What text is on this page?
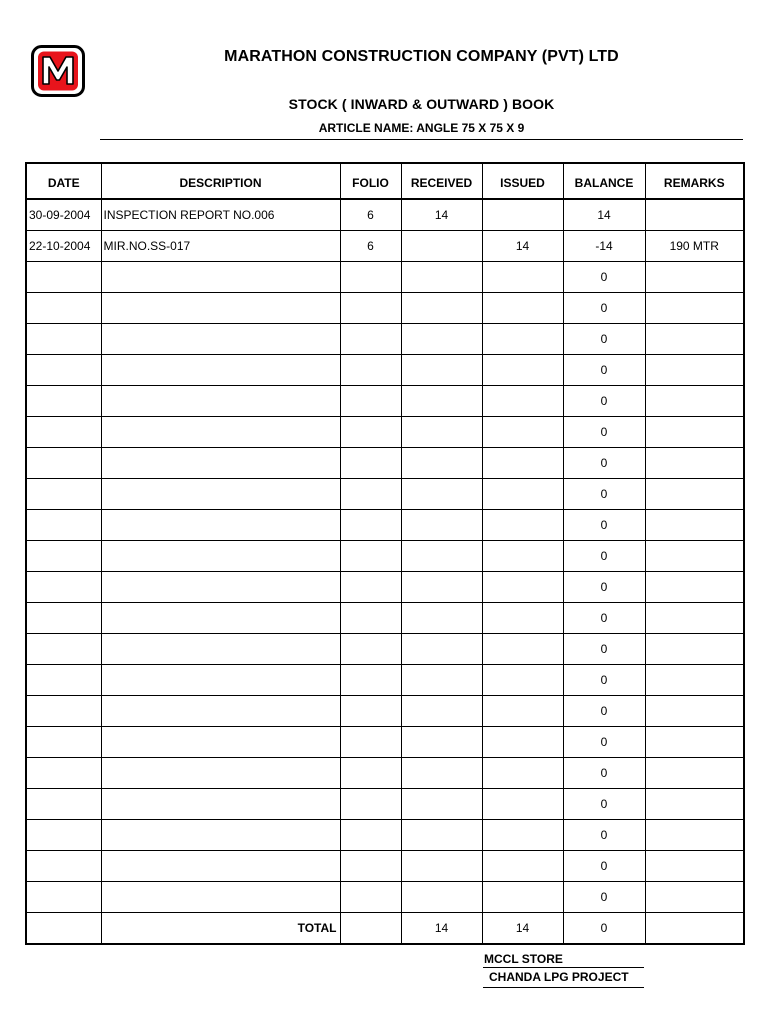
MARATHON CONSTRUCTION COMPANY (PVT) LTD
STOCK ( INWARD & OUTWARD ) BOOK
ARTICLE NAME: ANGLE 75 X 75 X 9
DATE	DESCRIPTION	FOLIO	RECEIVED	ISSUED	BALANCE	REMARKS
30-09-2004	INSPECTION REPORT NO.006	6	14		14	
22-10-2004	MIR.NO.SS-017	6		14	-14	190 MTR
					0	
					0	
					0	
					0	
					0	
					0	
					0	
					0	
					0	
					0	
					0	
					0	
					0	
					0	
					0	
					0	
					0	
					0	
					0	
					0	
					0	
	TOTAL		14	14	0	
MCCL STORE
CHANDA LPG PROJECT
